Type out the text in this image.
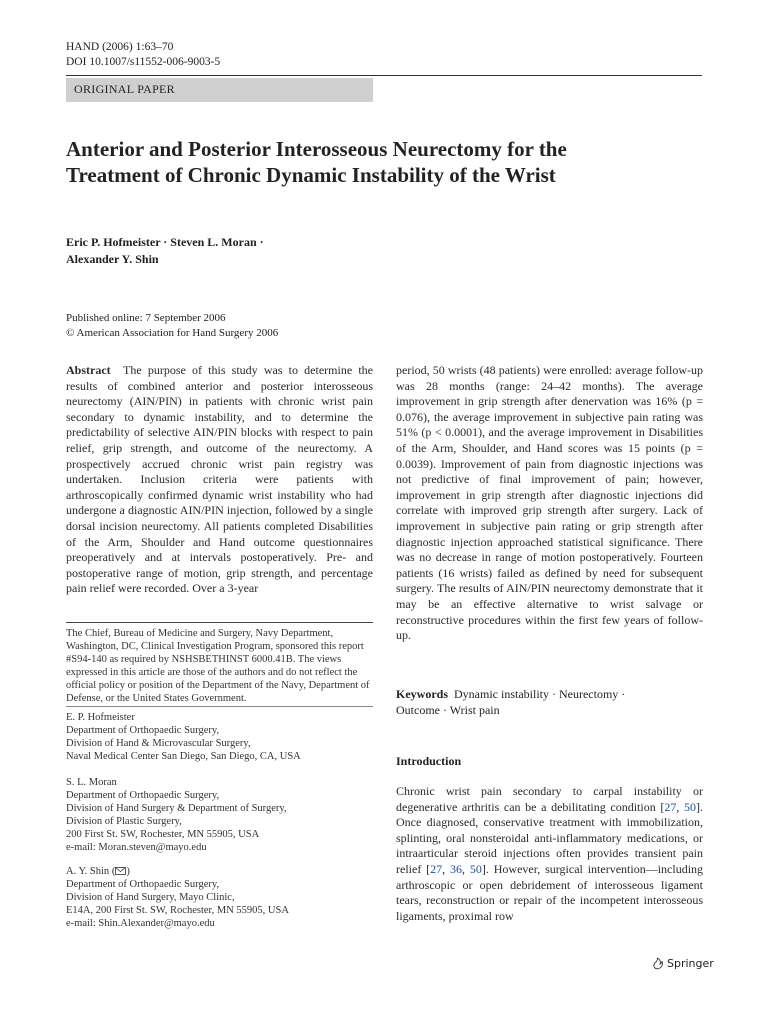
HAND (2006) 1:63–70
DOI 10.1007/s11552-006-9003-5
ORIGINAL PAPER
Anterior and Posterior Interosseous Neurectomy for the Treatment of Chronic Dynamic Instability of the Wrist
Eric P. Hofmeister · Steven L. Moran ·
Alexander Y. Shin
Published online: 7 September 2006
© American Association for Hand Surgery 2006

Abstract The purpose of this study was to determine the results of combined anterior and posterior interosseous neurectomy (AIN/PIN) in patients with chronic wrist pain secondary to dynamic instability, and to determine the predictability of selective AIN/PIN blocks with respect to pain relief, grip strength, and outcome of the neurectomy. A prospectively accrued chronic wrist pain registry was undertaken. Inclusion criteria were patients with arthroscopically confirmed dynamic wrist instability who had undergone a diagnostic AIN/PIN injection, followed by a single dorsal incision neurectomy. All patients completed Disabilities of the Arm, Shoulder and Hand outcome questionnaires preoperatively and at intervals postoperatively. Pre- and postoperative range of motion, grip strength, and percentage pain relief were recorded. Over a 3-year

The Chief, Bureau of Medicine and Surgery, Navy Department, Washington, DC, Clinical Investigation Program, sponsored this report #S94-140 as required by NSHSBETHINST 6000.41B. The views expressed in this article are those of the authors and do not reflect the official policy or position of the Department of the Navy, Department of Defense, or the United States Government.
E. P. Hofmeister
Department of Orthopaedic Surgery,
Division of Hand & Microvascular Surgery,
Naval Medical Center San Diego, San Diego, CA, USA
S. L. Moran
Department of Orthopaedic Surgery,
Division of Hand Surgery & Department of Surgery,
Division of Plastic Surgery,
200 First St. SW, Rochester, MN 55905, USA
e-mail: Moran.steven@mayo.edu
A. Y. Shin ( )
Department of Orthopaedic Surgery,
Division of Hand Surgery, Mayo Clinic,
E14A, 200 First St. SW, Rochester, MN 55905, USA
e-mail: Shin.Alexander@mayo.edu

period, 50 wrists (48 patients) were enrolled: average follow-up was 28 months (range: 24–42 months). The average improvement in grip strength after denervation was 16% (p = 0.076), the average improvement in subjective pain rating was 51% (p < 0.0001), and the average improvement in Disabilities of the Arm, Shoulder, and Hand scores was 15 points (p = 0.0039). Improvement of pain from diagnostic injections was not predictive of final improvement of pain; however, improvement in grip strength after diagnostic injections did correlate with improved grip strength after surgery. Lack of improvement in subjective pain rating or grip strength after diagnostic injection approached statistical significance. There was no decrease in range of motion postoperatively. Fourteen patients (16 wrists) failed as defined by need for subsequent surgery. The results of AIN/PIN neurectomy demonstrate that it may be an effective alternative to wrist salvage or reconstructive procedures within the first few years of follow-up.

Keywords Dynamic instability · Neurectomy ·
Outcome · Wrist pain
Introduction

Chronic wrist pain secondary to carpal instability or degenerative arthritis can be a debilitating condition [27, 50]. Once diagnosed, conservative treatment with immobilization, splinting, oral nonsteroidal anti-inflammatory medications, or intraarticular steroid injections often provides transient pain relief [27, 36, 50]. However, surgical intervention—including arthroscopic or open debridement of interosseous ligament tears, reconstruction or repair of the incompetent interosseous ligaments, proximal row

Springer
